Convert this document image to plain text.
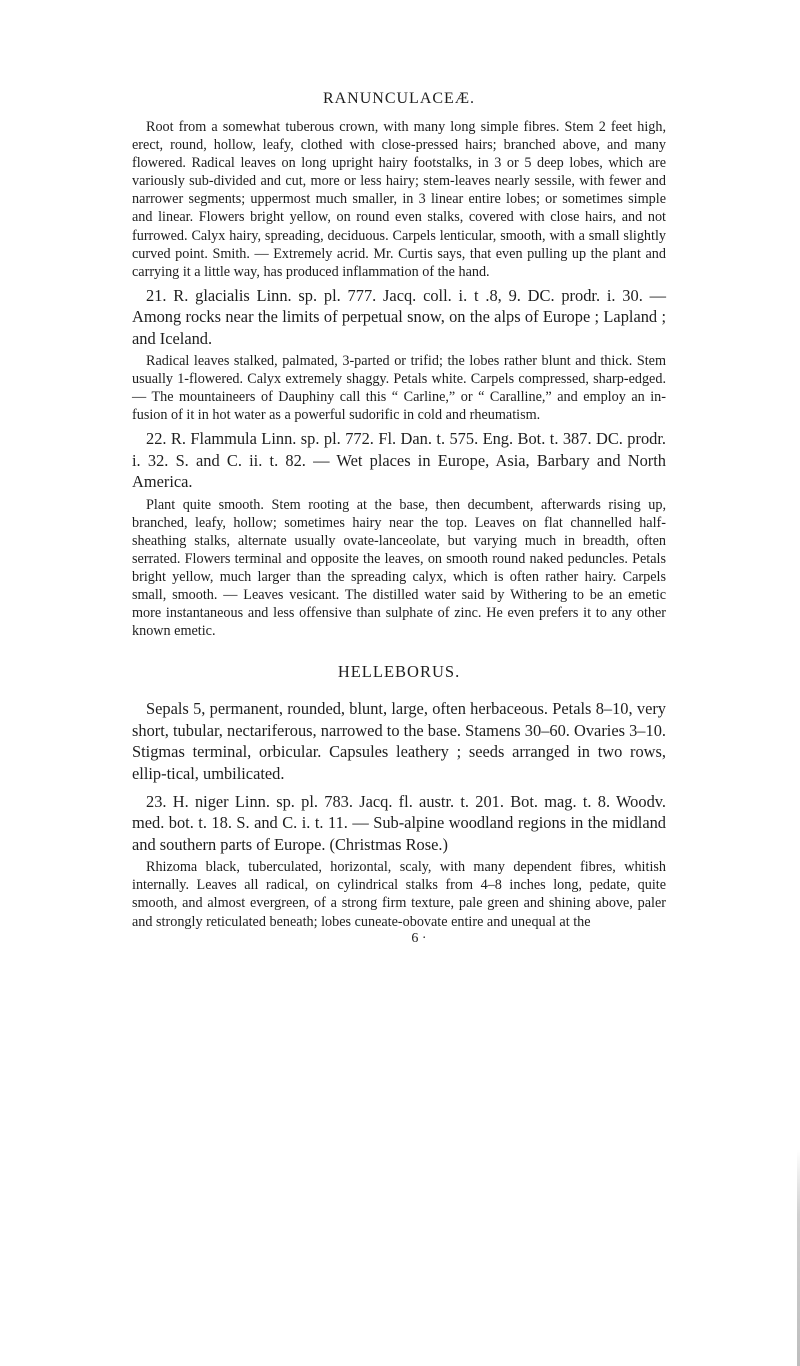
RANUNCULACEÆ.

Root from a somewhat tuberous crown, with many long simple fibres. Stem 2 feet high, erect, round, hollow, leafy, clothed with close-pressed hairs; branched above, and many flowered. Radical leaves on long upright hairy footstalks, in 3 or 5 deep lobes, which are variously sub-divided and cut, more or less hairy; stem-leaves nearly sessile, with fewer and narrower segments; uppermost much smaller, in 3 linear entire lobes; or sometimes simple and linear. Flowers bright yellow, on round even stalks, covered with close hairs, and not furrowed. Calyx hairy, spreading, deciduous. Carpels lenticular, smooth, with a small slightly curved point. Smith. — Extremely acrid. Mr. Curtis says, that even pulling up the plant and carrying it a little way, has produced inflammation of the hand.

21. R. glacialis Linn. sp. pl. 777. Jacq. coll. i. t .8, 9. DC. prodr. i. 30. — Among rocks near the limits of perpetual snow, on the alps of Europe ; Lapland ; and Iceland.

Radical leaves stalked, palmated, 3-parted or trifid; the lobes rather blunt and thick. Stem usually 1-flowered. Calyx extremely shaggy. Petals white. Carpels compressed, sharp-edged. — The mountaineers of Dauphiny call this “ Carline,” or “ Caralline,” and employ an in-fusion of it in hot water as a powerful sudorific in cold and rheumatism.

22. R. Flammula Linn. sp. pl. 772. Fl. Dan. t. 575. Eng. Bot. t. 387. DC. prodr. i. 32. S. and C. ii. t. 82. — Wet places in Europe, Asia, Barbary and North America.

Plant quite smooth. Stem rooting at the base, then decumbent, afterwards rising up, branched, leafy, hollow; sometimes hairy near the top. Leaves on flat channelled half-sheathing stalks, alternate usually ovate-lanceolate, but varying much in breadth, often serrated. Flowers terminal and opposite the leaves, on smooth round naked peduncles. Petals bright yellow, much larger than the spreading calyx, which is often rather hairy. Carpels small, smooth. — Leaves vesicant. The distilled water said by Withering to be an emetic more instantaneous and less offensive than sulphate of zinc. He even prefers it to any other known emetic.

HELLEBORUS.

Sepals 5, permanent, rounded, blunt, large, often herbaceous. Petals 8–10, very short, tubular, nectariferous, narrowed to the base. Stamens 30–60. Ovaries 3–10. Stigmas terminal, orbicular. Capsules leathery ; seeds arranged in two rows, ellip-tical, umbilicated.

23. H. niger Linn. sp. pl. 783. Jacq. fl. austr. t. 201. Bot. mag. t. 8. Woodv. med. bot. t. 18. S. and C. i. t. 11. — Sub-alpine woodland regions in the midland and southern parts of Europe. (Christmas Rose.)

Rhizoma black, tuberculated, horizontal, scaly, with many dependent fibres, whitish internally. Leaves all radical, on cylindrical stalks from 4–8 inches long, pedate, quite smooth, and almost evergreen, of a strong firm texture, pale green and shining above, paler and strongly reticulated beneath; lobes cuneate-obovate entire and unequal at the

6 ·
